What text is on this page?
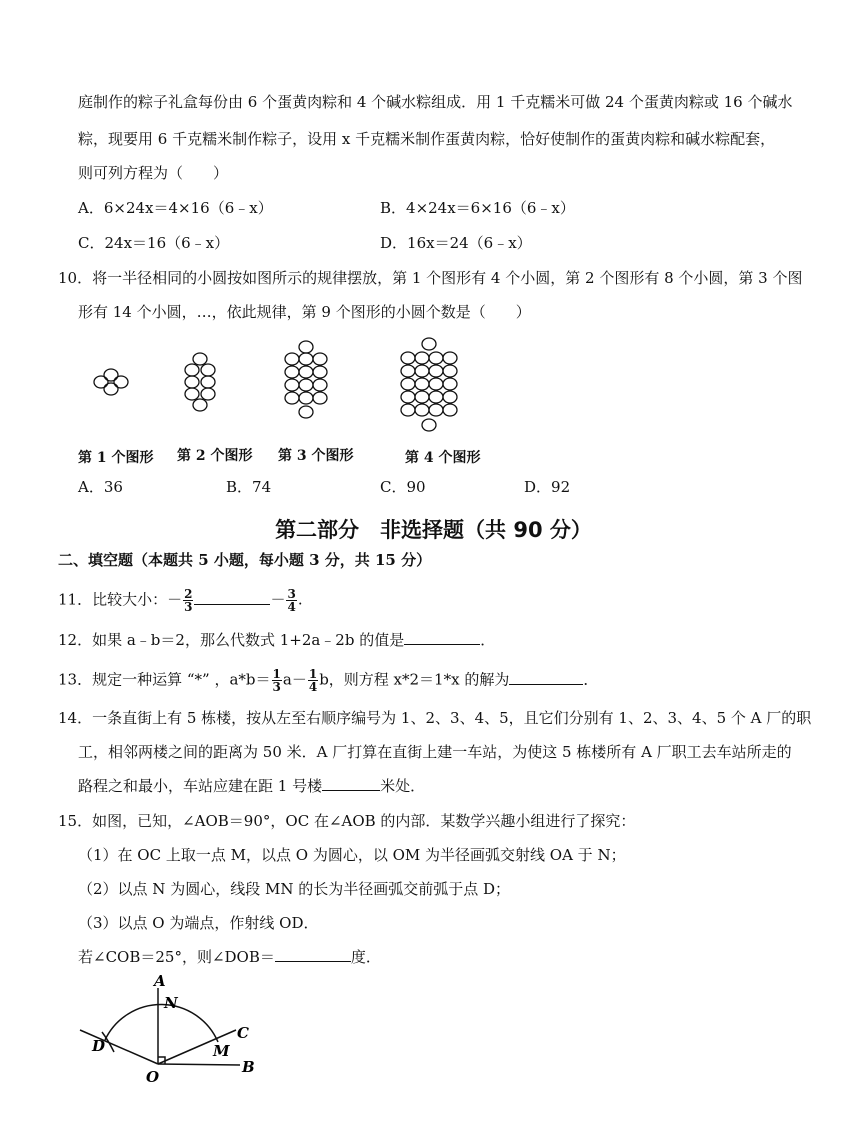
庭制作的粽子礼盒每份由 6 个蛋黄肉粽和 4 个碱水粽组成．用 1 千克糯米可做 24 个蛋黄肉粽或 16 个碱水
粽，现要用 6 千克糯米制作粽子，设用 x 千克糯米制作蛋黄肉粽，恰好使制作的蛋黄肉粽和碱水粽配套，
则可列方程为（　　）
A．6×24x＝4×16（6﹣x）	B．4×24x＝6×16（6﹣x）
C．24x＝16（6﹣x）	D．16x＝24（6﹣x）
10．将一半径相同的小圆按如图所示的规律摆放，第 1 个图形有 4 个小圆，第 2 个图形有 8 个小圆，第 3 个图
形有 14 个小圆，…，依此规律，第 9 个图形的小圆个数是（　　）
第 1 个图形 第 2 个图形 第 3 个图形	第 4 个图形
A．36	B．74	C．90	D．92
第二部分　非选择题（共 90 分）
二、填空题（本题共 5 小题，每小题 3 分，共 15 分）
11．比较大小：－ $\frac{2}{3}$	－ $\frac{3}{4}$ .
12．如果 a﹣b＝2，那么代数式 1+2a﹣2b 的值是	．
13．规定一种运算 “*” ，$a*b= \frac{1}{3} a- \frac{1}{4}$ b，则方程 x*2＝1*x 的解为	．
14．一条直街上有 5 栋楼，按从左至右顺序编号为 1、2、3、4、5，且它们分别有 1、2、3、4、5 个 A 厂的职
工，相邻两楼之间的距离为 50 米．A 厂打算在直街上建一车站，为使这 5 栋楼所有 A 厂职工去车站所走的
路程之和最小，车站应建在距 1 号楼	米处．
15．如图，已知，∠AOB＝90°，OC 在∠AOB 的内部．某数学兴趣小组进行了探究：
（1）在 OC 上取一点 M，以点 O 为圆心，以 OM 为半径画弧交射线 OA 于 N；
（2）以点 N 为圆心，线段 MN 的长为半径画弧交前弧于点 D；
（3）以点 O 为端点，作射线 OD．
若∠COB＝25°，则∠DOB＝	度．
A
N
C
D	M
O
B
